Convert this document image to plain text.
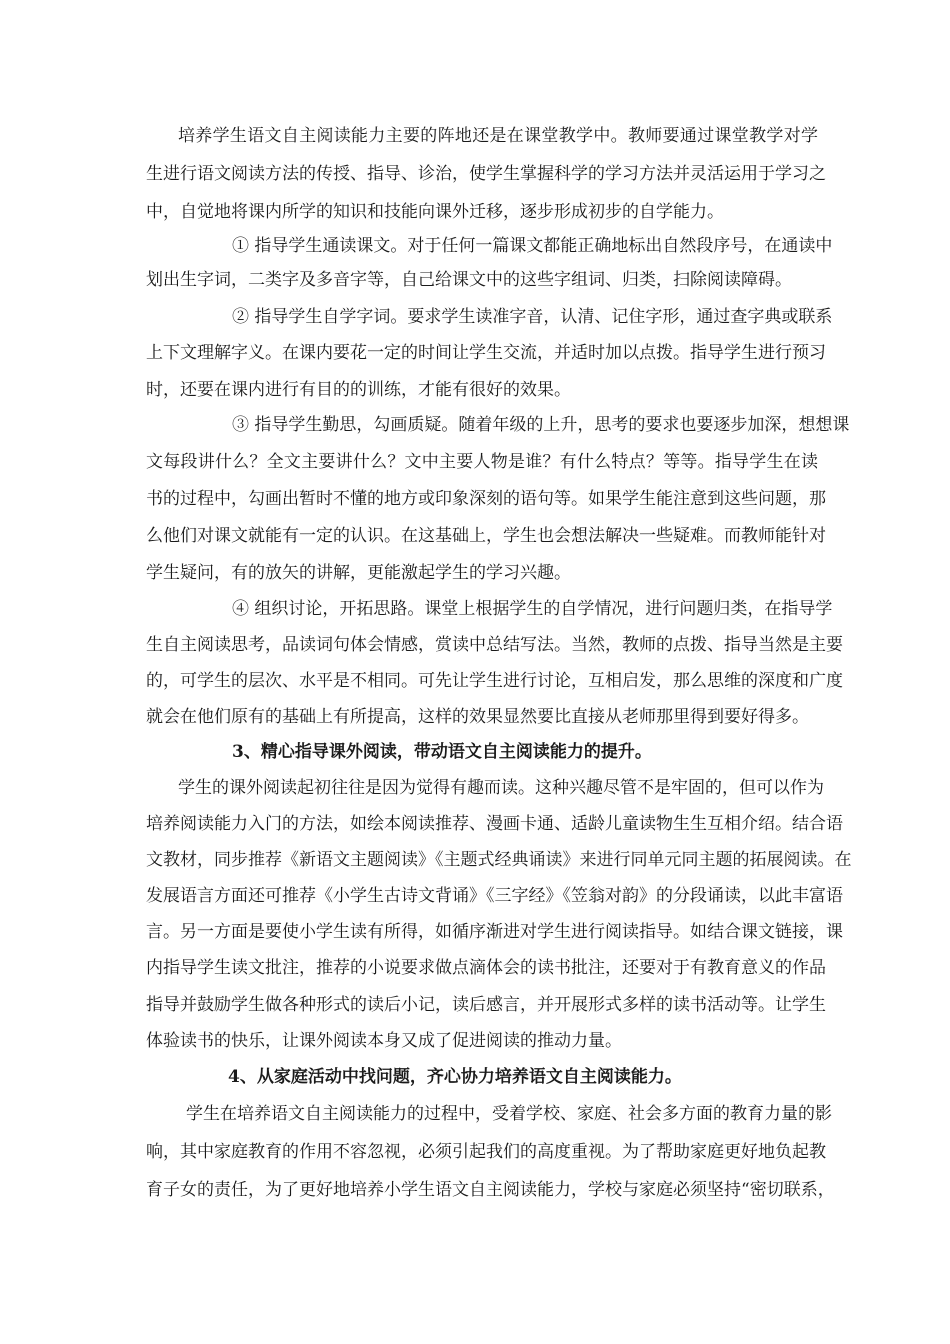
培养学生语文自主阅读能力主要的阵地还是在课堂教学中。教师要通过课堂教学对学
生进行语文阅读方法的传授、指导、诊治，使学生掌握科学的学习方法并灵活运用于学习之
中，自觉地将课内所学的知识和技能向课外迁移，逐步形成初步的自学能力。
① 指导学生通读课文。对于任何一篇课文都能正确地标出自然段序号，在通读中
划出生字词，二类字及多音字等，自己给课文中的这些字组词、归类，扫除阅读障碍。
② 指导学生自学字词。要求学生读准字音，认清、记住字形，通过查字典或联系
上下文理解字义。在课内要花一定的时间让学生交流，并适时加以点拨。指导学生进行预习
时，还要在课内进行有目的的训练，才能有很好的效果。
③ 指导学生勤思，勾画质疑。随着年级的上升，思考的要求也要逐步加深，想想课
文每段讲什么？全文主要讲什么？文中主要人物是谁？有什么特点？等等。指导学生在读
书的过程中，勾画出暂时不懂的地方或印象深刻的语句等。如果学生能注意到这些问题，那
么他们对课文就能有一定的认识。在这基础上，学生也会想法解决一些疑难。而教师能针对
学生疑问，有的放矢的讲解，更能激起学生的学习兴趣。
④ 组织讨论，开拓思路。课堂上根据学生的自学情况，进行问题归类，在指导学
生自主阅读思考，品读词句体会情感，赏读中总结写法。当然，教师的点拨、指导当然是主要
的，可学生的层次、水平是不相同。可先让学生进行讨论，互相启发，那么思维的深度和广度
就会在他们原有的基础上有所提高，这样的效果显然要比直接从老师那里得到要好得多。
3、精心指导课外阅读，带动语文自主阅读能力的提升。
学生的课外阅读起初往往是因为觉得有趣而读。这种兴趣尽管不是牢固的，但可以作为
培养阅读能力入门的方法，如绘本阅读推荐、漫画卡通、适龄儿童读物生生互相介绍。结合语
文教材，同步推荐《新语文主题阅读》《主题式经典诵读》来进行同单元同主题的拓展阅读。在
发展语言方面还可推荐《小学生古诗文背诵》《三字经》《笠翁对韵》的分段诵读，以此丰富语
言。另一方面是要使小学生读有所得，如循序渐进对学生进行阅读指导。如结合课文链接，课
内指导学生读文批注，推荐的小说要求做点滴体会的读书批注，还要对于有教育意义的作品
指导并鼓励学生做各种形式的读后小记，读后感言，并开展形式多样的读书活动等。让学生
体验读书的快乐，让课外阅读本身又成了促进阅读的推动力量。
4、从家庭活动中找问题，齐心协力培养语文自主阅读能力。
学生在培养语文自主阅读能力的过程中，受着学校、家庭、社会多方面的教育力量的影
响，其中家庭教育的作用不容忽视，必须引起我们的高度重视。为了帮助家庭更好地负起教
育子女的责任，为了更好地培养小学生语文自主阅读能力，学校与家庭必须坚持“密切联系，
